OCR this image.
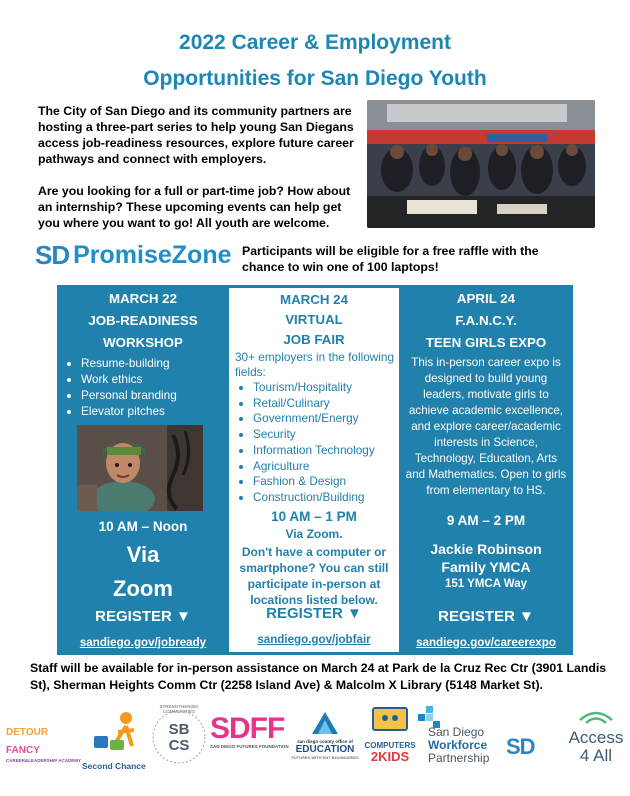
2022 Career & Employment
Opportunities for San Diego Youth

The City of San Diego and its community partners are hosting a three-part series to help young San Diegans access job-readiness resources, explore future career pathways and connect with employers.

Are you looking for a full or part-time job? How about an internship? These upcoming events can help get you where you want to go! All youth are welcome.

SD PromiseZone Participants will be eligible for a free raffle with the chance to win one of 100 laptops!
MARCH 22
JOB-READINESS
WORKSHOP
• Resume-building
• Work ethics
• Personal branding
• Elevator pitches
10 AM – Noon
Via
Zoom
REGISTER ▼
sandiego.gov/jobready
MARCH 24
VIRTUAL
JOB FAIR
30+ employers in the following fields:
• Tourism/Hospitality
• Retail/Culinary
• Government/Energy
• Security
• Information Technology
• Agriculture
• Fashion & Design
• Construction/Building
10 AM – 1 PM
Via Zoom.
Don't have a computer or smartphone? You can still participate in-person at locations listed below.
REGISTER ▼
sandiego.gov/jobfair
APRIL 24
F.A.N.C.Y.
TEEN GIRLS EXPO
This in-person career expo is designed to build young leaders, motivate girls to achieve academic excellence, and explore career/academic interests in Science, Technology, Education, Arts and Mathematics. Open to girls from elementary to HS.
9 AM – 2 PM
Jackie Robinson
Family YMCA
151 YMCA Way
REGISTER ▼
sandiego.gov/careerexpo
Staff will be available for in-person assistance on March 24 at Park de la Cruz Rec Ctr (3901 Landis St), Sherman Heights Comm Ctr (2258 Island Ave) & Malcolm X Library (5148 Market St).
DETOUR FANCY
CAREER&LEADERSHIP ACADEMY
Second Chance
STRENGTHENING COMMUNITIES
SB
CS
SDFF
SAN DIEGO FUTURES FOUNDATION
san diego county office of
EDUCATION
FUTURES WITH ENT BOUNDARIES
COMPUTERS
2KIDS
San Diego
Workforce
Partnership SD Access
4 All
